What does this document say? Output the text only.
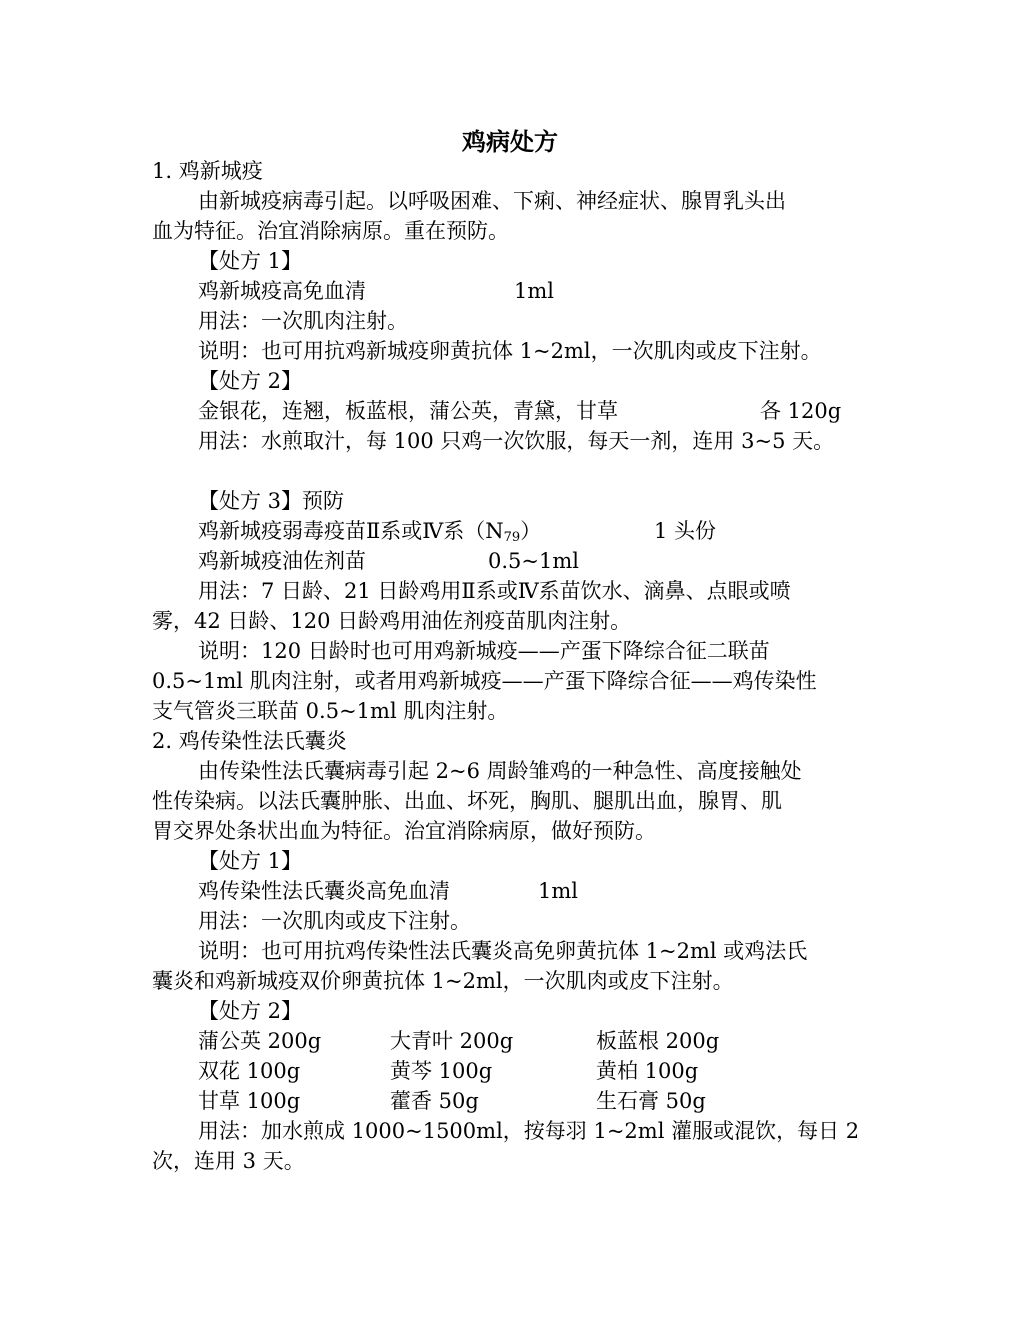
鸡病处方
1. 鸡新城疫
由新城疫病毒引起。以呼吸困难、下痢、神经症状、腺胃乳头出
血为特征。治宜消除病原。重在预防。
【处方 1】
鸡新城疫高免血清	1ml
用法：一次肌肉注射。
说明：也可用抗鸡新城疫卵黄抗体 1~2ml，一次肌肉或皮下注射。
【处方 2】
金银花，连翘，板蓝根，蒲公英，青黛，甘草	各 120g
用法：水煎取汁，每 100 只鸡一次饮服，每天一剂，连用 3~5 天。
【处方 3】预防
鸡新城疫弱毒疫苗Ⅱ系或Ⅳ系$(N_{79})$	1 头份
鸡新城疫油佐剂苗	0.5~1ml
用法：7 日龄、21 日龄鸡用Ⅱ系或Ⅳ系苗饮水、滴鼻、点眼或喷
雾，42 日龄、120 日龄鸡用油佐剂疫苗肌肉注射。
说明：120 日龄时也可用鸡新城疫——产蛋下降综合征二联苗
0.5~1ml 肌肉注射，或者用鸡新城疫——产蛋下降综合征——鸡传染性
支气管炎三联苗 0.5~1ml 肌肉注射。
2. 鸡传染性法氏囊炎
由传染性法氏囊病毒引起 2~6 周龄雏鸡的一种急性、高度接触处
性传染病。以法氏囊肿胀、出血、坏死，胸肌、腿肌出血，腺胃、肌
胃交界处条状出血为特征。治宜消除病原，做好预防。
【处方 1】
鸡传染性法氏囊炎高免血清	1ml
用法：一次肌肉或皮下注射。
说明：也可用抗鸡传染性法氏囊炎高免卵黄抗体 1~2ml 或鸡法氏
囊炎和鸡新城疫双价卵黄抗体 1~2ml，一次肌肉或皮下注射。
【处方 2】
蒲公英 200g	大青叶 200g	板蓝根 200g
双花 100g	黄芩 100g	黄柏 100g
甘草 100g	藿香 50g	生石膏 50g
用法：加水煎成 1000~1500ml，按每羽 1~2ml 灌服或混饮，每日 2
次，连用 3 天。
